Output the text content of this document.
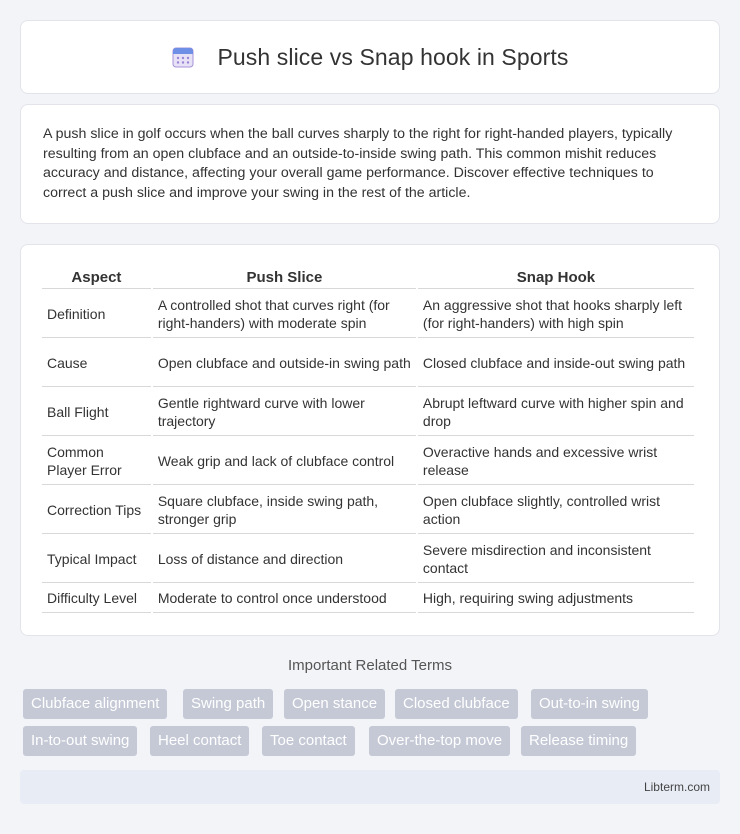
Push slice vs Snap hook in Sports

A push slice in golf occurs when the ball curves sharply to the right for right-handed players, typically resulting from an open clubface and an outside-to-inside swing path. This common mishit reduces accuracy and distance, affecting your overall game performance. Discover effective techniques to correct a push slice and improve your swing in the rest of the article.

Aspect	Push Slice	Snap Hook
Definition	A controlled shot that curves right (for right-handers) with moderate spin	An aggressive shot that hooks sharply left (for right-handers) with high spin
Cause	Open clubface and outside-in swing path	Closed clubface and inside-out swing path
Ball Flight	Gentle rightward curve with lower trajectory	Abrupt leftward curve with higher spin and drop
Common Player Error	Weak grip and lack of clubface control	Overactive hands and excessive wrist release
Correction Tips	Square clubface, inside swing path, stronger grip	Open clubface slightly, controlled wrist action
Typical Impact	Loss of distance and direction	Severe misdirection and inconsistent contact
Difficulty Level	Moderate to control once understood	High, requiring swing adjustments
Important Related Terms
Clubface alignment	Swing path	Open stance	Closed clubface	Out-to-in swing
In-to-out swing	Heel contact	Toe contact	Over-the-top move	Release timing
Libterm.com
